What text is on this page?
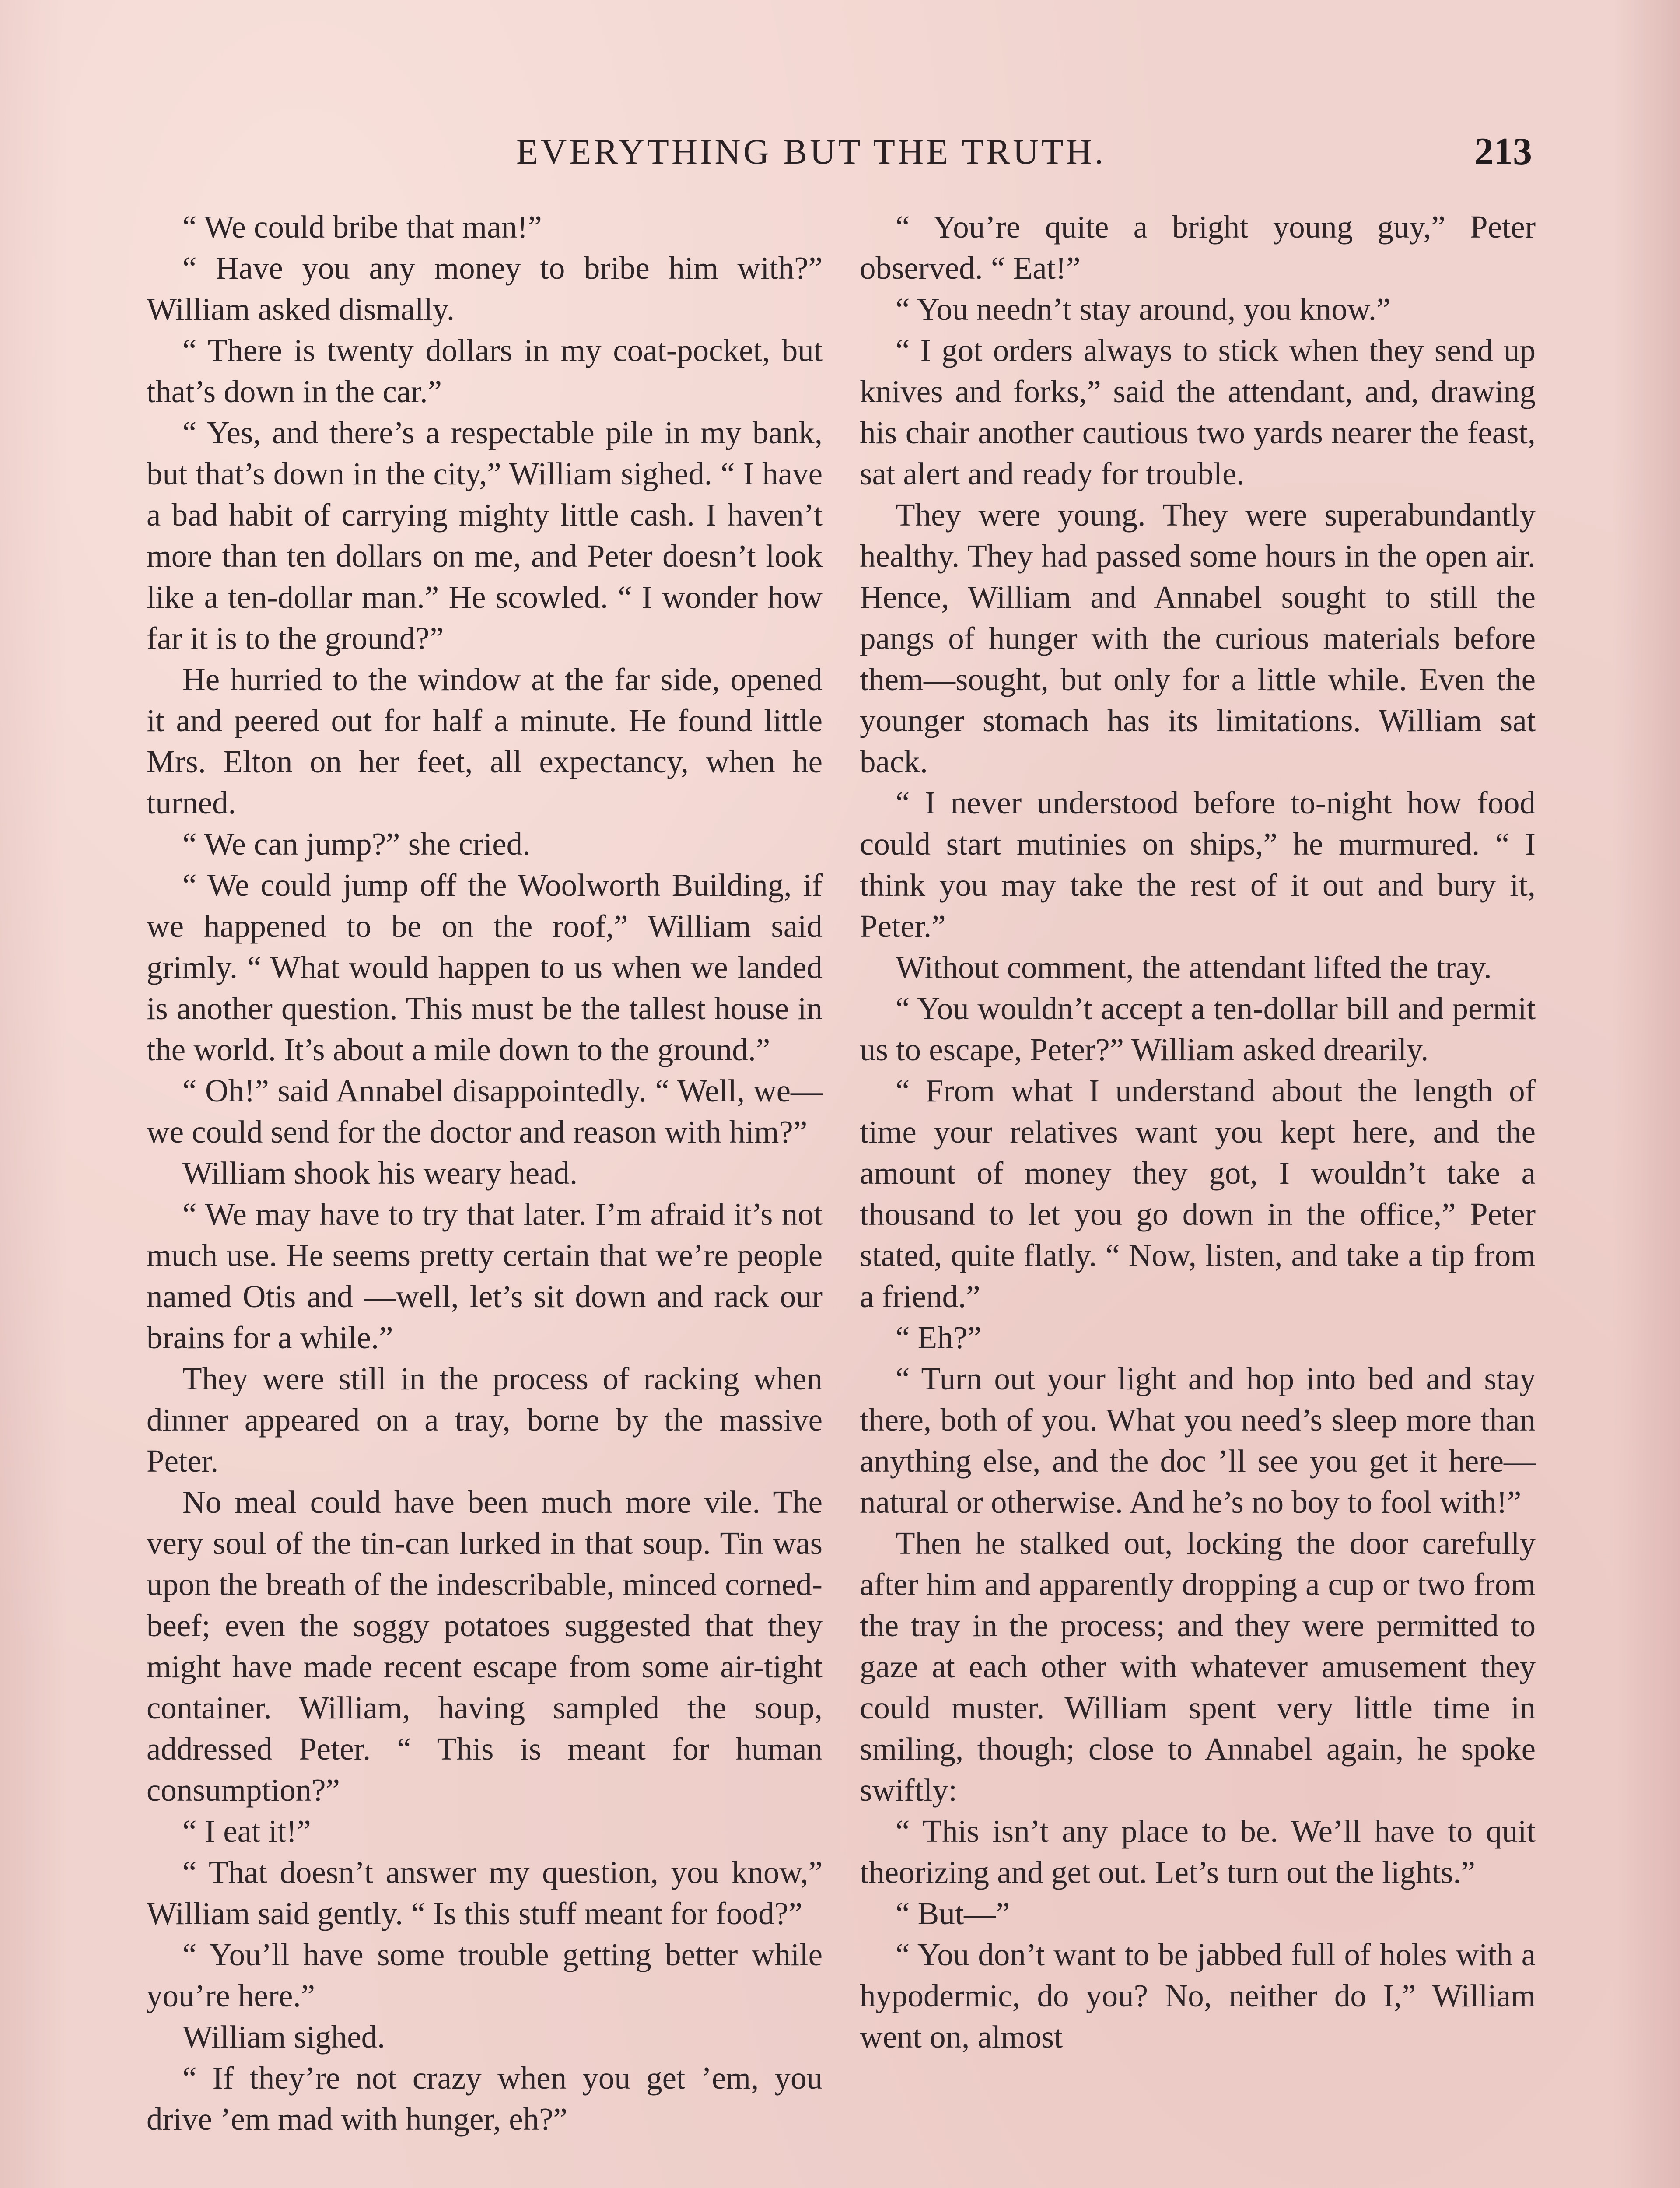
EVERYTHING BUT THE TRUTH.	213

“ We could bribe that man!”

“ Have you any money to bribe him with?” William asked dismally.

“ There is twenty dollars in my coat-pocket, but that’s down in the car.”

“ Yes, and there’s a respectable pile in my bank, but that’s down in the city,” William sighed. “ I have a bad habit of carrying mighty little cash. I haven’t more than ten dollars on me, and Peter doesn’t look like a ten-dollar man.” He scowled. “ I wonder how far it is to the ground?”

He hurried to the window at the far side, opened it and peered out for half a minute. He found little Mrs. Elton on her feet, all expectancy, when he turned.

“ We can jump?” she cried.

“ We could jump off the Woolworth Building, if we happened to be on the roof,” William said grimly. “ What would happen to us when we landed is another question. This must be the tallest house in the world. It’s about a mile down to the ground.”

“ Oh!” said Annabel disappointedly. “ Well, we—we could send for the doctor and reason with him?”

William shook his weary head.

“ We may have to try that later. I’m afraid it’s not much use. He seems pretty certain that we’re people named Otis and —well, let’s sit down and rack our brains for a while.”

They were still in the process of racking when dinner appeared on a tray, borne by the massive Peter.

No meal could have been much more vile. The very soul of the tin-can lurked in that soup. Tin was upon the breath of the indescribable, minced corned-beef; even the soggy potatoes suggested that they might have made recent escape from some air-tight container. William, having sampled the soup, addressed Peter. “ This is meant for human consumption?”

“ I eat it!”

“ That doesn’t answer my question, you know,” William said gently. “ Is this stuff meant for food?”

“ You’ll have some trouble getting better while you’re here.”

William sighed.

“ If they’re not crazy when you get ’em, you drive ’em mad with hunger, eh?”

“ You’re quite a bright young guy,” Peter observed. “ Eat!”

“ You needn’t stay around, you know.”

“ I got orders always to stick when they send up knives and forks,” said the attendant, and, drawing his chair another cautious two yards nearer the feast, sat alert and ready for trouble.

They were young. They were superabundantly healthy. They had passed some hours in the open air. Hence, William and Annabel sought to still the pangs of hunger with the curious materials before them—sought, but only for a little while. Even the younger stomach has its limitations. William sat back.

“ I never understood before to-night how food could start mutinies on ships,” he murmured. “ I think you may take the rest of it out and bury it, Peter.”

Without comment, the attendant lifted the tray.

“ You wouldn’t accept a ten-dollar bill and permit us to escape, Peter?” William asked drearily.

“ From what I understand about the length of time your relatives want you kept here, and the amount of money they got, I wouldn’t take a thousand to let you go down in the office,” Peter stated, quite flatly. “ Now, listen, and take a tip from a friend.”

“ Eh?”

“ Turn out your light and hop into bed and stay there, both of you. What you need’s sleep more than anything else, and the doc ’ll see you get it here—natural or otherwise. And he’s no boy to fool with!”

Then he stalked out, locking the door carefully after him and apparently dropping a cup or two from the tray in the process; and they were permitted to gaze at each other with whatever amusement they could muster. William spent very little time in smiling, though; close to Annabel again, he spoke swiftly:

“ This isn’t any place to be. We’ll have to quit theorizing and get out. Let’s turn out the lights.”

“ But—”

“ You don’t want to be jabbed full of holes with a hypodermic, do you? No, neither do I,” William went on, almost
